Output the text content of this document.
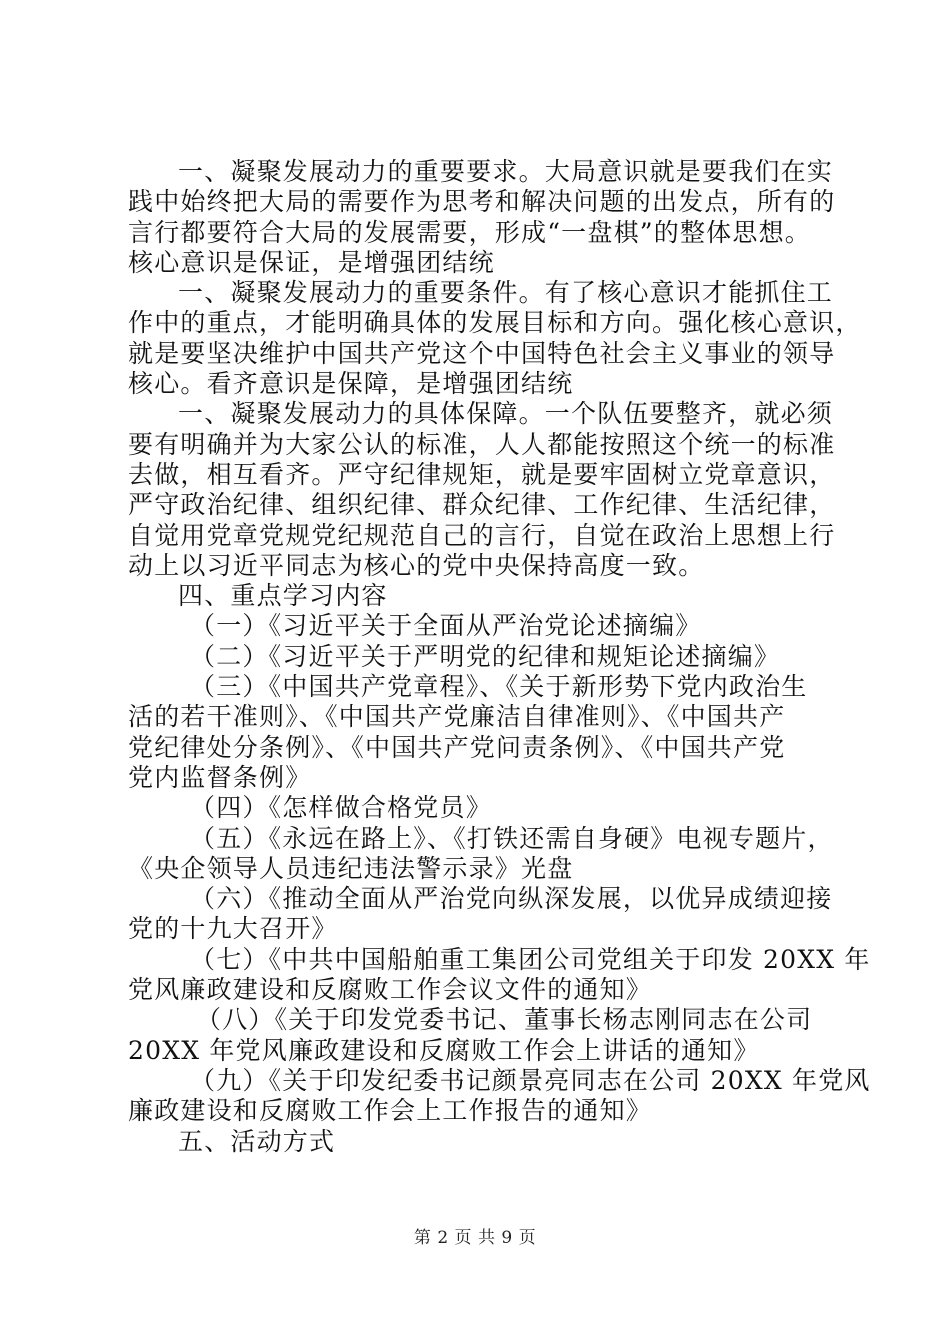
一、凝聚发展动力的重要要求。大局意识就是要我们在实
践中始终把大局的需要作为思考和解决问题的出发点，所有的
言行都要符合大局的发展需要，形成“一盘棋”的整体思想。
核心意识是保证，是增强团结统
一、凝聚发展动力的重要条件。有了核心意识才能抓住工
作中的重点，才能明确具体的发展目标和方向。强化核心意识，
就是要坚决维护中国共产党这个中国特色社会主义事业的领导
核心。看齐意识是保障，是增强团结统
一、凝聚发展动力的具体保障。一个队伍要整齐，就必须
要有明确并为大家公认的标准，人人都能按照这个统一的标准
去做，相互看齐。严守纪律规矩，就是要牢固树立党章意识，
严守政治纪律、组织纪律、群众纪律、工作纪律、生活纪律，
自觉用党章党规党纪规范自己的言行，自觉在政治上思想上行
动上以习近平同志为核心的党中央保持高度一致。
四、重点学习内容
（一）《习近平关于全面从严治党论述摘编》
（二）《习近平关于严明党的纪律和规矩论述摘编》
（三）《中国共产党章程》、《关于新形势下党内政治生
活的若干准则》、《中国共产党廉洁自律准则》、《中国共产
党纪律处分条例》、《中国共产党问责条例》、《中国共产党
党内监督条例》
（四）《怎样做合格党员》
（五）《永远在路上》、《打铁还需自身硬》电视专题片，
《央企领导人员违纪违法警示录》光盘
（六）《推动全面从严治党向纵深发展，以优异成绩迎接
党的十九大召开》
（七）《中共中国船舶重工集团公司党组关于印发 20XX 年
党风廉政建设和反腐败工作会议文件的通知》
（八）《关于印发党委书记、董事长杨志刚同志在公司
20XX 年党风廉政建设和反腐败工作会上讲话的通知》
（九）《关于印发纪委书记颜景亮同志在公司 20XX 年党风
廉政建设和反腐败工作会上工作报告的通知》
五、活动方式
第 2 页 共 9 页
